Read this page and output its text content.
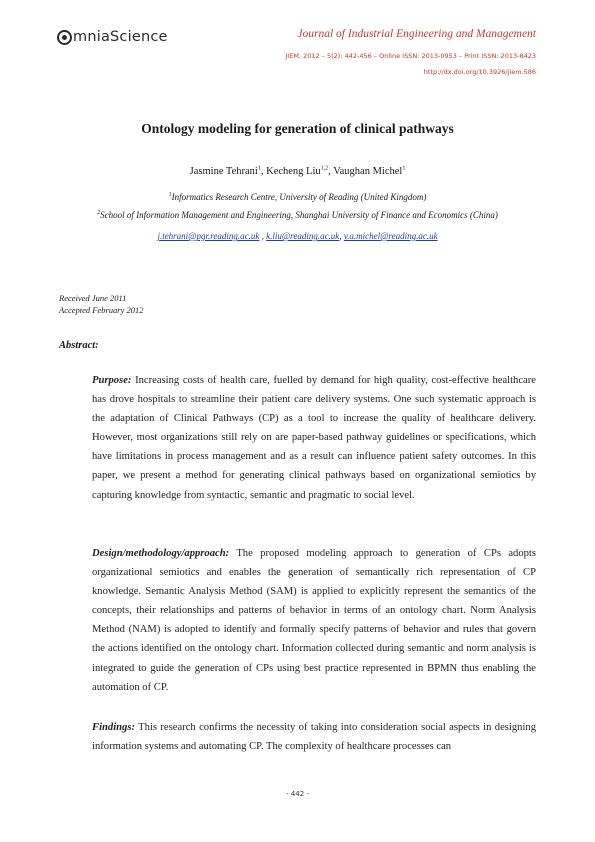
mniaScience	Journal of Industrial Engineering and Management
JIEM, 2012 – 5(2): 442-456 – Online ISSN: 2013-0953 – Print ISSN: 2013-8423
http://dx.doi.org/10.3926/jiem.586
Ontology modeling for generation of clinical pathways
Jasmine Tehrani$^1$, Kecheng Liu$^{1,2}$, Vaughan Michel$^1$
$^1$Informatics Research Centre, University of Reading (United Kingdom)
$^2$School of Information Management and Engineering, Shanghai University of Finance and Economics (China)
j.tehrani@pgr.reading.ac.uk , k.liu@reading.ac.uk, v.a.michel@reading.ac.uk
Received June 2011
Accepted February 2012
Abstract:
Purpose: Increasing costs of health care, fuelled by demand for high quality, cost-effective healthcare has drove hospitals to streamline their patient care delivery systems. One such systematic approach is the adaptation of Clinical Pathways (CP) as a tool to increase the quality of healthcare delivery. However, most organizations still rely on are paper-based pathway guidelines or specifications, which have limitations in process management and as a result can influence patient safety outcomes. In this paper, we present a method for generating clinical pathways based on organizational semiotics by capturing knowledge from syntactic, semantic and pragmatic to social level.
Design/methodology/approach: The proposed modeling approach to generation of CPs adopts organizational semiotics and enables the generation of semantically rich representation of CP knowledge. Semantic Analysis Method (SAM) is applied to explicitly represent the semantics of the concepts, their relationships and patterns of behavior in terms of an ontology chart. Norm Analysis Method (NAM) is adopted to identify and formally specify patterns of behavior and rules that govern the actions identified on the ontology chart. Information collected during semantic and norm analysis is integrated to guide the generation of CPs using best practice represented in BPMN thus enabling the automation of CP.
Findings: This research confirms the necessity of taking into consideration social aspects in designing information systems and automating CP. The complexity of healthcare processes can
- 442 -
